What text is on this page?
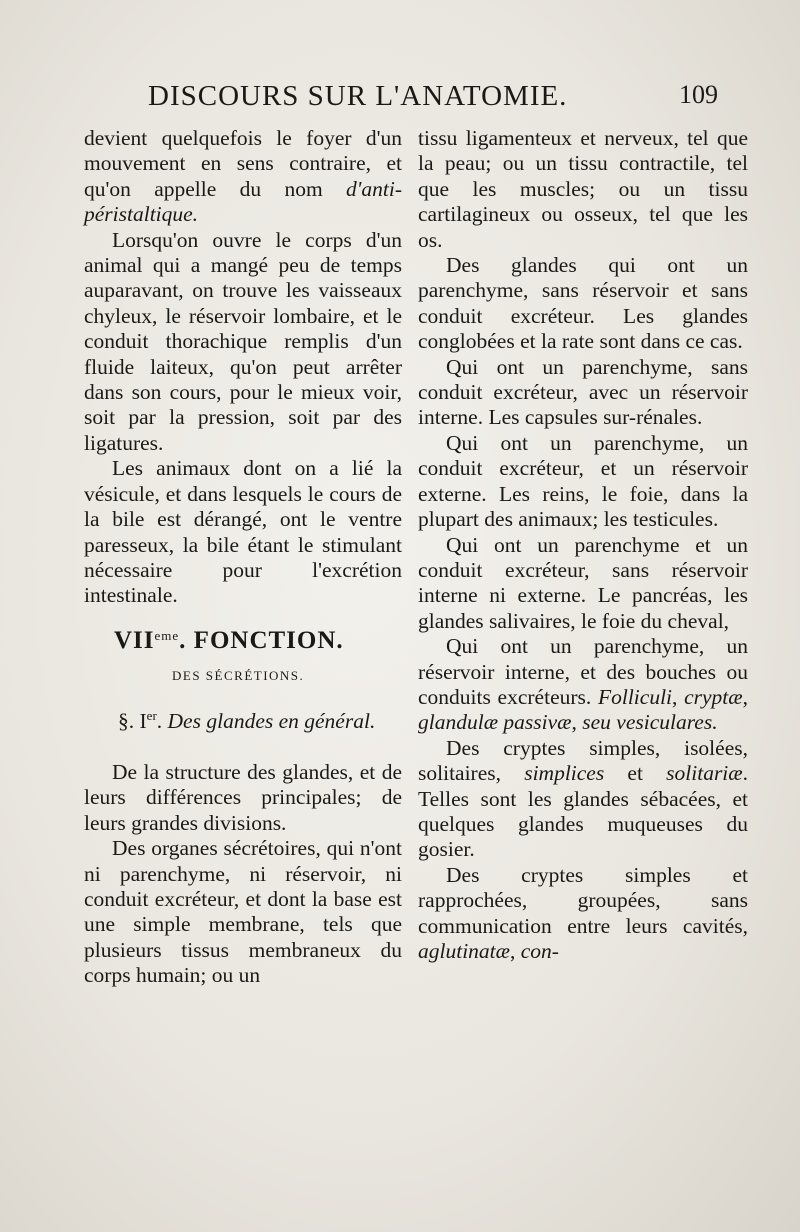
DISCOURS SUR L'ANATOMIE.	109

devient quelquefois le foyer d'un mouvement en sens contraire, et qu'on appelle du nom d'anti-péristaltique.

Lorsqu'on ouvre le corps d'un animal qui a mangé peu de temps auparavant, on trouve les vaisseaux chyleux, le réservoir lombaire, et le conduit thorachique remplis d'un fluide laiteux, qu'on peut arrêter dans son cours, pour le mieux voir, soit par la pression, soit par des ligatures.

Les animaux dont on a lié la vésicule, et dans lesquels le cours de la bile est dérangé, ont le ventre paresseux, la bile étant le stimulant nécessaire pour l'excrétion intestinale.

VIIeme. FONCTION.
DES SÉCRÉTIONS.

§. Ier. Des glandes en général.

De la structure des glandes, et de leurs différences principales; de leurs grandes divisions.

Des organes sécrétoires, qui n'ont ni parenchyme, ni réservoir, ni conduit excréteur, et dont la base est une simple membrane, tels que plusieurs tissus membraneux du corps humain; ou un

tissu ligamenteux et nerveux, tel que la peau; ou un tissu contractile, tel que les muscles; ou un tissu cartilagineux ou osseux, tel que les os.

Des glandes qui ont un parenchyme, sans réservoir et sans conduit excréteur. Les glandes conglobées et la rate sont dans ce cas.

Qui ont un parenchyme, sans conduit excréteur, avec un réservoir interne. Les capsules sur-rénales.

Qui ont un parenchyme, un conduit excréteur, et un réservoir externe. Les reins, le foie, dans la plupart des animaux; les testicules.

Qui ont un parenchyme et un conduit excréteur, sans réservoir interne ni externe. Le pancréas, les glandes salivaires, le foie du cheval,

Qui ont un parenchyme, un réservoir interne, et des bouches ou conduits excréteurs. Folliculi, cryptæ, glandulæ passivæ, seu vesiculares.

Des cryptes simples, isolées, solitaires, simplices et solitariæ. Telles sont les glandes sébacées, et quelques glandes muqueuses du gosier.

Des cryptes simples et rapprochées, groupées, sans communication entre leurs cavités, aglutinatæ, con-
